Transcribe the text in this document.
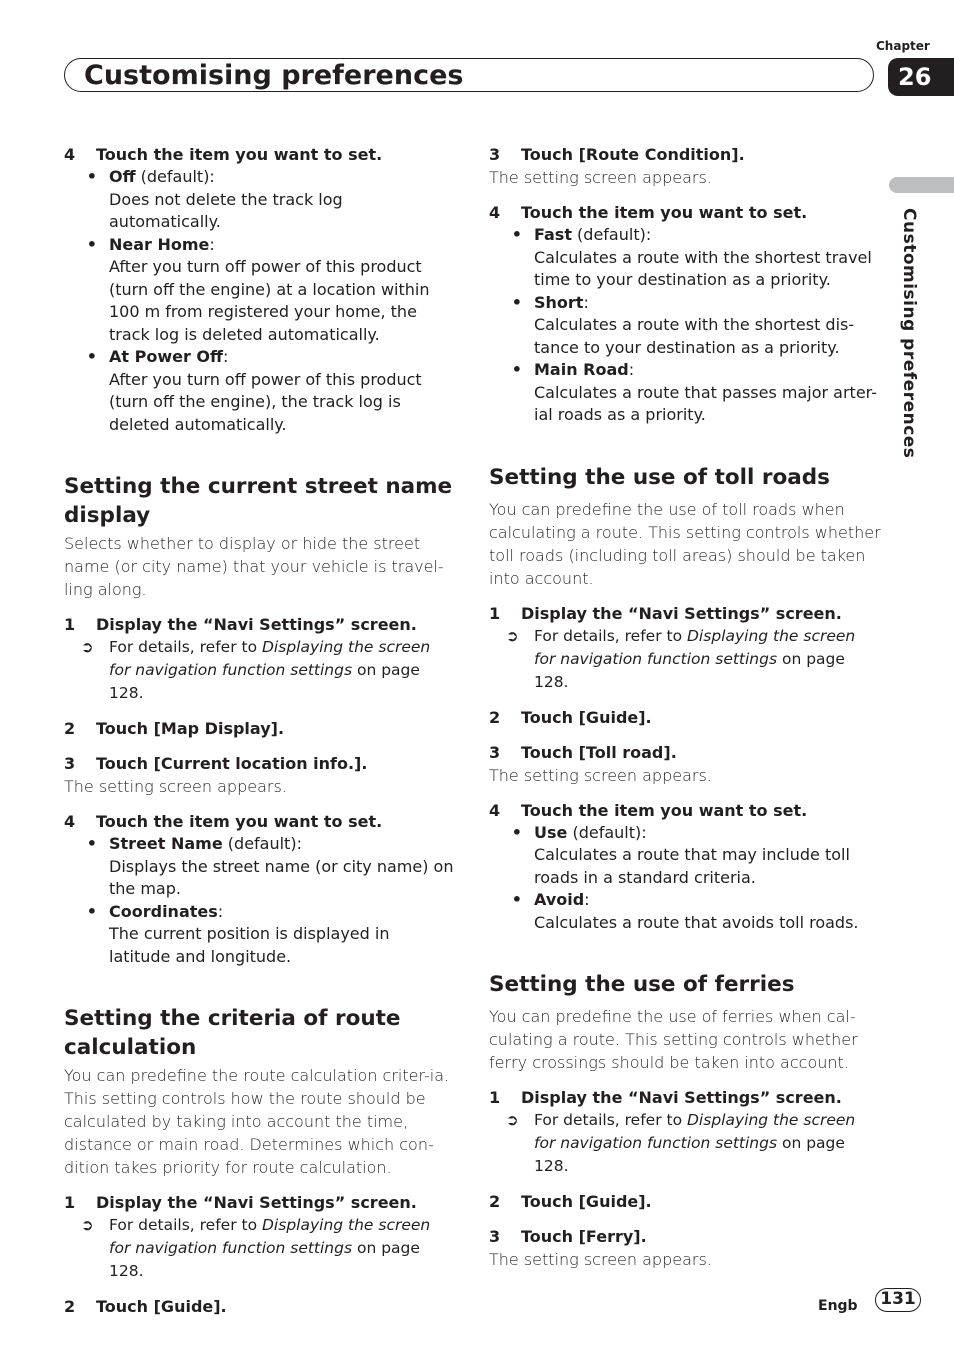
Customising preferences
Chapter
26
Customising preferences

4	Touch the item you want to set.

• Off (default):

Does not delete the track log automatically.

• Near Home:

After you turn off power of this product (turn off the engine) at a location within 100 m from registered your home, the track log is deleted automatically.

• At Power Off:

After you turn off power of this product (turn off the engine), the track log is deleted automatically.

Setting the current street name display

Selects whether to display or hide the street name (or city name) that your vehicle is travel-ling along.

1	Display the “Navi Settings” screen.

➲ For details, refer to Displaying the screen for navigation function settings on page 128.

2	Touch [Map Display].

3	Touch [Current location info.].

The setting screen appears.

4	Touch the item you want to set.

• Street Name (default):

Displays the street name (or city name) on the map.

• Coordinates:

The current position is displayed in latitude and longitude.

Setting the criteria of route calculation

You can predefine the route calculation criter-ia. This setting controls how the route should be calculated by taking into account the time, distance or main road. Determines which con-dition takes priority for route calculation.

1	Display the “Navi Settings” screen.

➲ For details, refer to Displaying the screen for navigation function settings on page 128.

2	Touch [Guide].

3	Touch [Route Condition].

The setting screen appears.

4	Touch the item you want to set.

• Fast (default):

Calculates a route with the shortest travel time to your destination as a priority.

• Short:

Calculates a route with the shortest dis-tance to your destination as a priority.

• Main Road:

Calculates a route that passes major arter-ial roads as a priority.

Setting the use of toll roads

You can predefine the use of toll roads when calculating a route. This setting controls whether toll roads (including toll areas) should be taken into account.

1	Display the “Navi Settings” screen.

➲ For details, refer to Displaying the screen for navigation function settings on page 128.

2	Touch [Guide].

3	Touch [Toll road].

The setting screen appears.

4	Touch the item you want to set.

• Use (default):

Calculates a route that may include toll roads in a standard criteria.

• Avoid:

Calculates a route that avoids toll roads.

Setting the use of ferries

You can predefine the use of ferries when cal-culating a route. This setting controls whether ferry crossings should be taken into account.

1	Display the “Navi Settings” screen.

➲ For details, refer to Displaying the screen for navigation function settings on page 128.

2	Touch [Guide].

3	Touch [Ferry].

The setting screen appears.

Engb	131
